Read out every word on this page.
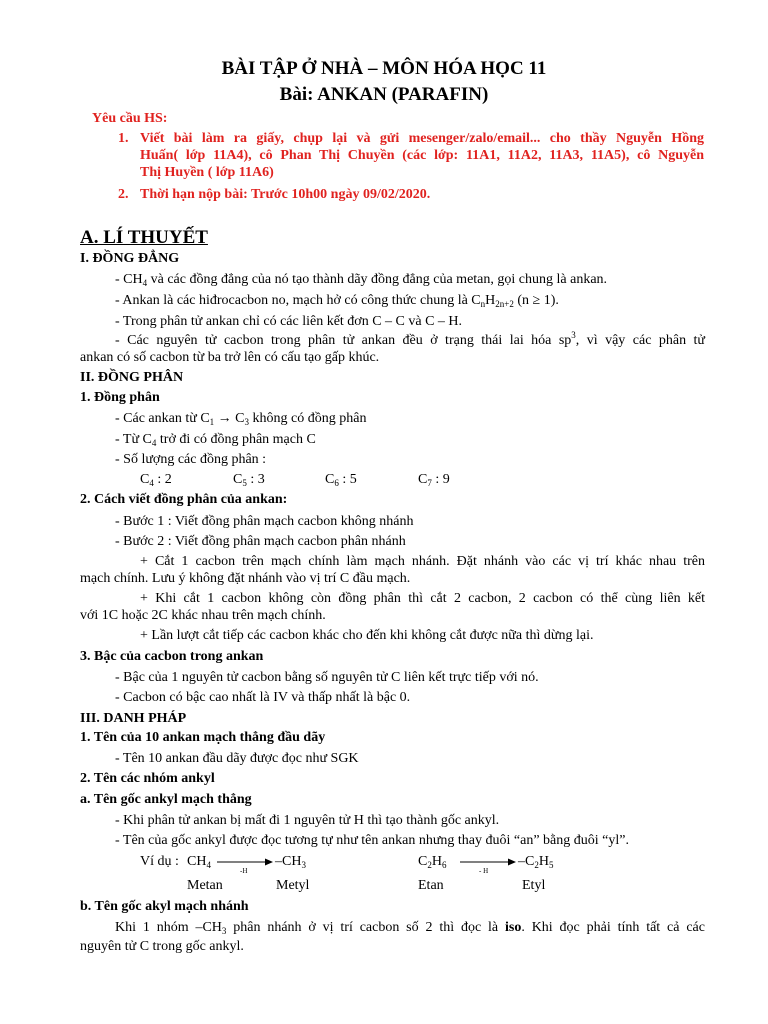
BÀI TẬP Ở NHÀ – MÔN HÓA HỌC 11
Bài: ANKAN (PARAFIN)
Yêu cầu HS:
1. Viết bài làm ra giấy, chụp lại và gửi mesenger/zalo/email... cho thầy Nguyễn Hồng
Huấn( lớp 11A4), cô Phan Thị Chuyền (các lớp: 11A1, 11A2, 11A3, 11A5), cô Nguyễn
Thị Huyền ( lớp 11A6)
2. Thời hạn nộp bài: Trước 10h00 ngày 09/02/2020.
A. LÍ THUYẾT
I. ĐỒNG ĐẲNG
- $CH_4$ và các đồng đẳng của nó tạo thành dãy đồng đẳng của metan, gọi chung là ankan.
- Ankan là các hiđrocacbon no, mạch hở có công thức chung là $C_nH_{2n+2}$ (n ≥ 1).
- Trong phân tử ankan chỉ có các liên kết đơn C – C và C – H.
- Các nguyên tử cacbon trong phân tử ankan đều ở trạng thái lai hóa $sp^3$, vì vậy các phân tử
ankan có số cacbon từ ba trở lên có cấu tạo gấp khúc.
II. ĐỒNG PHÂN
1. Đồng phân
- Các ankan từ $C_1 \to C_3$ không có đồng phân
- Từ $C_4$ trở đi có đồng phân mạch C
- Số lượng các đồng phân :
$C_4$ : 2	$C_5$ : 3	$C_6$ : 5	$C_7$ : 9
2. Cách viết đồng phân của ankan:
- Bước 1 : Viết đồng phân mạch cacbon không nhánh
- Bước 2 : Viết đồng phân mạch cacbon phân nhánh
+ Cắt 1 cacbon trên mạch chính làm mạch nhánh. Đặt nhánh vào các vị trí khác nhau trên
mạch chính. Lưu ý không đặt nhánh vào vị trí C đầu mạch.
+ Khi cắt 1 cacbon không còn đồng phân thì cắt 2 cacbon, 2 cacbon có thể cùng liên kết
với 1C hoặc 2C khác nhau trên mạch chính.
+ Lần lượt cắt tiếp các cacbon khác cho đến khi không cắt được nữa thì dừng lại.
3. Bậc của cacbon trong ankan
- Bậc của 1 nguyên tử cacbon bằng số nguyên tử C liên kết trực tiếp với nó.
- Cacbon có bậc cao nhất là IV và thấp nhất là bậc 0.
III. DANH PHÁP
1. Tên của 10 ankan mạch thẳng đầu dãy
- Tên 10 ankan đầu dãy được đọc như SGK
2. Tên các nhóm ankyl
a. Tên gốc ankyl mạch thẳng
- Khi phân tử ankan bị mất đi 1 nguyên tử H thì tạo thành gốc ankyl.
- Tên của gốc ankyl được đọc tương tự như tên ankan nhưng thay đuôi “an” bằng đuôi “yl”.
Ví dụ : $CH_4$
-H
$-CH_3$	$C_2H_6$
- H
$-C_2H_5$
Metan	Metyl	Etan	Etyl
b. Tên gốc akyl mạch nhánh
Khi 1 nhóm $-CH_3$ phân nhánh ở vị trí cacbon số 2 thì đọc là iso. Khi đọc phải tính tất cả các
nguyên tử C trong gốc ankyl.
